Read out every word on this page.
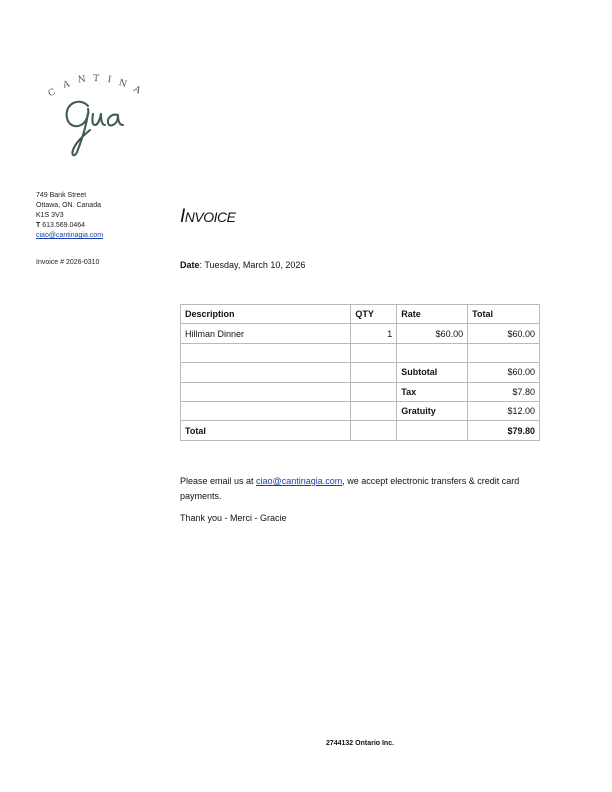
C
A N T I N
A
749 Bank Street
Ottawa, ON. Canada
K1S 3V3
T 613.569.0464
ciao@cantinagia.com
Invoice # 2026-0310
INVOICE
Date: Tuesday, March 10, 2026
Description	QTY	Rate	Total
Hillman Dinner	1	$60.00	$60.00

		Subtotal	$60.00
		Tax	$7.80
		Gratuity	$12.00
Total			$79.80
Please email us at ciao@cantinagia.com, we accept electronic transfers & credit card payments.
Thank you - Merci - Gracie
2744132 Ontario Inc.
